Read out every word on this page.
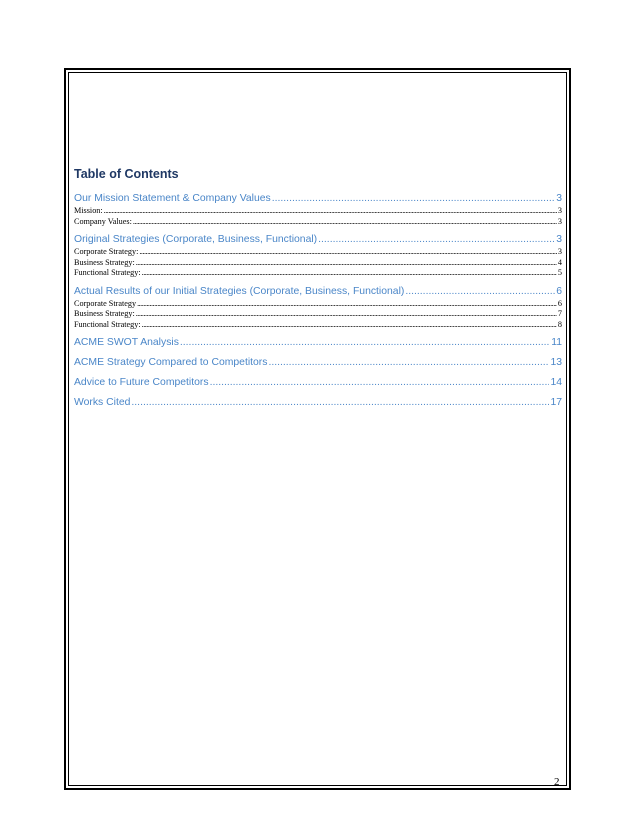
Table of Contents
Our Mission Statement & Company Values .....	3
Mission: .....	3
Company Values: .....	3
Original Strategies (Corporate, Business, Functional) .....	3
Corporate Strategy: .....	3
Business Strategy: .....	4
Functional Strategy: .....	5
Actual Results of our Initial Strategies (Corporate, Business, Functional) .....	6
Corporate Strategy .....	6
Business Strategy: .....	7
Functional Strategy: .....	8
ACME SWOT Analysis .....	11
ACME Strategy Compared to Competitors .....	13
Advice to Future Competitors .....	14
Works Cited .....	17
2
